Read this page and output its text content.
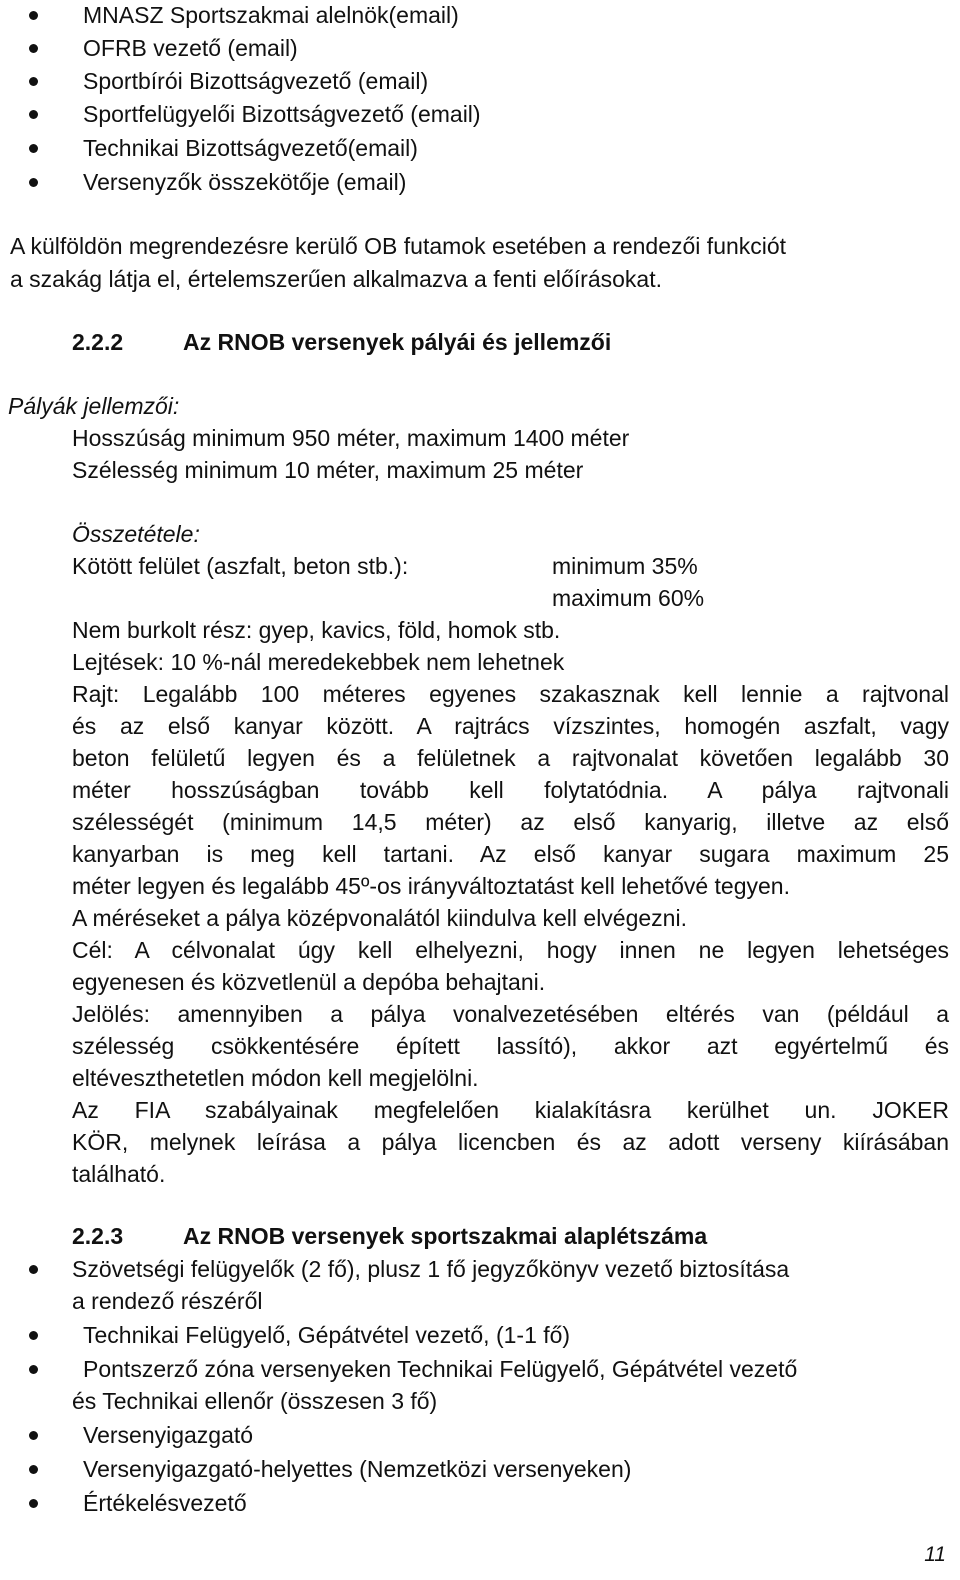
MNASZ Sportszakmai alelnök(email)
OFRB vezető (email)
Sportbírói Bizottságvezető (email)
Sportfelügyelői Bizottságvezető (email)
Technikai Bizottságvezető(email)
Versenyzők összekötője (email)
A külföldön megrendezésre kerülő OB futamok esetében a rendezői funkciót
a szakág látja el, értelemszerűen alkalmazva a fenti előírásokat.
2.2.2	Az RNOB versenyek pályái és jellemzői
Pályák jellemzői:
Hosszúság minimum 950 méter, maximum 1400 méter
Szélesség minimum 10 méter, maximum 25 méter
Összetétele:
Kötött felület (aszfalt, beton stb.):	minimum 35%
maximum 60%
Nem burkolt rész: gyep, kavics, föld, homok stb.
Lejtések: 10 %-nál meredekebbek nem lehetnek
Rajt: Legalább 100 méteres egyenes szakasznak kell lennie a rajtvonal
és az első kanyar között. A rajtrács vízszintes, homogén aszfalt, vagy
beton felületű legyen és a felületnek a rajtvonalat követően legalább 30
méter hosszúságban tovább kell folytatódnia. A pálya rajtvonali
szélességét (minimum 14,5 méter) az első kanyarig, illetve az első
kanyarban is meg kell tartani. Az első kanyar sugara maximum 25
méter legyen és legalább 45º-os irányváltoztatást kell lehetővé tegyen.
A méréseket a pálya középvonalától kiindulva kell elvégezni.
Cél: A célvonalat úgy kell elhelyezni, hogy innen ne legyen lehetséges
egyenesen és közvetlenül a depóba behajtani.
Jelölés: amennyiben a pálya vonalvezetésében eltérés van (például a
szélesség csökkentésére épített lassító), akkor azt egyértelmű és
eltéveszthetetlen módon kell megjelölni.
Az FIA szabályainak megfelelően kialakításra kerülhet un. JOKER
KÖR, melynek leírása a pálya licencben és az adott verseny kiírásában
található.
2.2.3	Az RNOB versenyek sportszakmai alaplétszáma
Szövetségi felügyelők (2 fő), plusz 1 fő jegyzőkönyv vezető biztosítása
a rendező részéről
Technikai Felügyelő, Gépátvétel vezető, (1-1 fő)
Pontszerző zóna versenyeken Technikai Felügyelő, Gépátvétel vezető
és Technikai ellenőr (összesen 3 fő)
Versenyigazgató
Versenyigazgató-helyettes (Nemzetközi versenyeken)
Értékelésvezető
11
